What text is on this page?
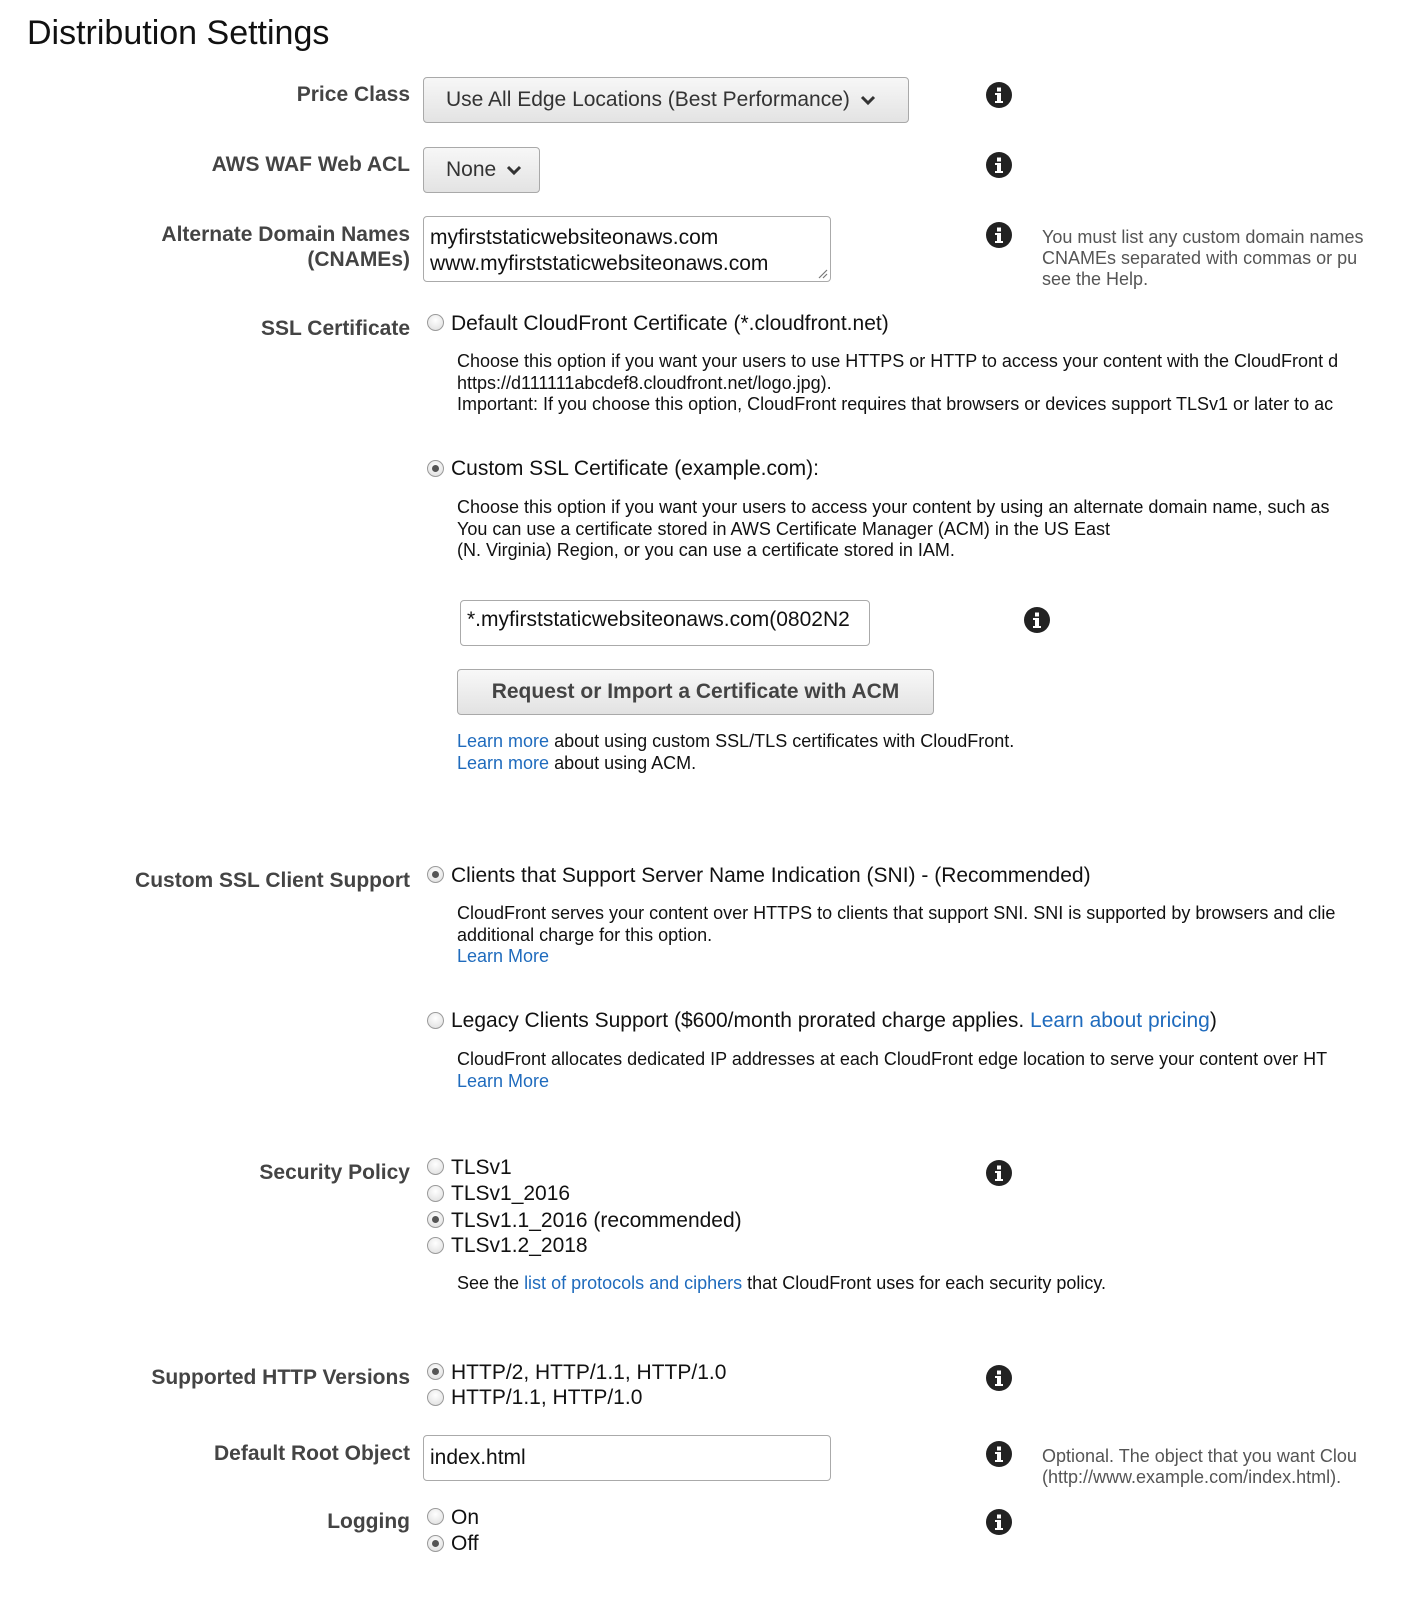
Distribution Settings
Price Class Use All Edge Locations (Best Performance)
AWS WAF Web ACL None
Alternate Domain Names
(CNAMEs)
myfirststaticwebsiteonaws.com
www.myfirststaticwebsiteonaws.com
You must list any custom domain names
CNAMEs separated with commas or pu
see the Help.
SSL Certificate Default CloudFront Certificate (*.cloudfront.net)
Choose this option if you want your users to use HTTPS or HTTP to access your content with the CloudFront d
https://d111111abcdef8.cloudfront.net/logo.jpg).
Important: If you choose this option, CloudFront requires that browsers or devices support TLSv1 or later to ac
Custom SSL Certificate (example.com):
Choose this option if you want your users to access your content by using an alternate domain name, such as
You can use a certificate stored in AWS Certificate Manager (ACM) in the US East
(N. Virginia) Region, or you can use a certificate stored in IAM.
*.myfirststaticwebsiteonaws.com(0802N2
Request or Import a Certificate with ACM
Learn more about using custom SSL/TLS certificates with CloudFront.
Learn more about using ACM.
Custom SSL Client Support Clients that Support Server Name Indication (SNI) - (Recommended)
CloudFront serves your content over HTTPS to clients that support SNI. SNI is supported by browsers and clie
additional charge for this option.
Learn More
Legacy Clients Support ($600/month prorated charge applies. Learn about pricing)
CloudFront allocates dedicated IP addresses at each CloudFront edge location to serve your content over HT
Learn More
Security Policy TLSv1
TLSv1_2016
TLSv1.1_2016 (recommended)
TLSv1.2_2018
See the list of protocols and ciphers that CloudFront uses for each security policy.
Supported HTTP Versions HTTP/2, HTTP/1.1, HTTP/1.0
HTTP/1.1, HTTP/1.0
Default Root Object index.html	Optional. The object that you want Clou
(http://www.example.com/index.html).
Logging On
Off
